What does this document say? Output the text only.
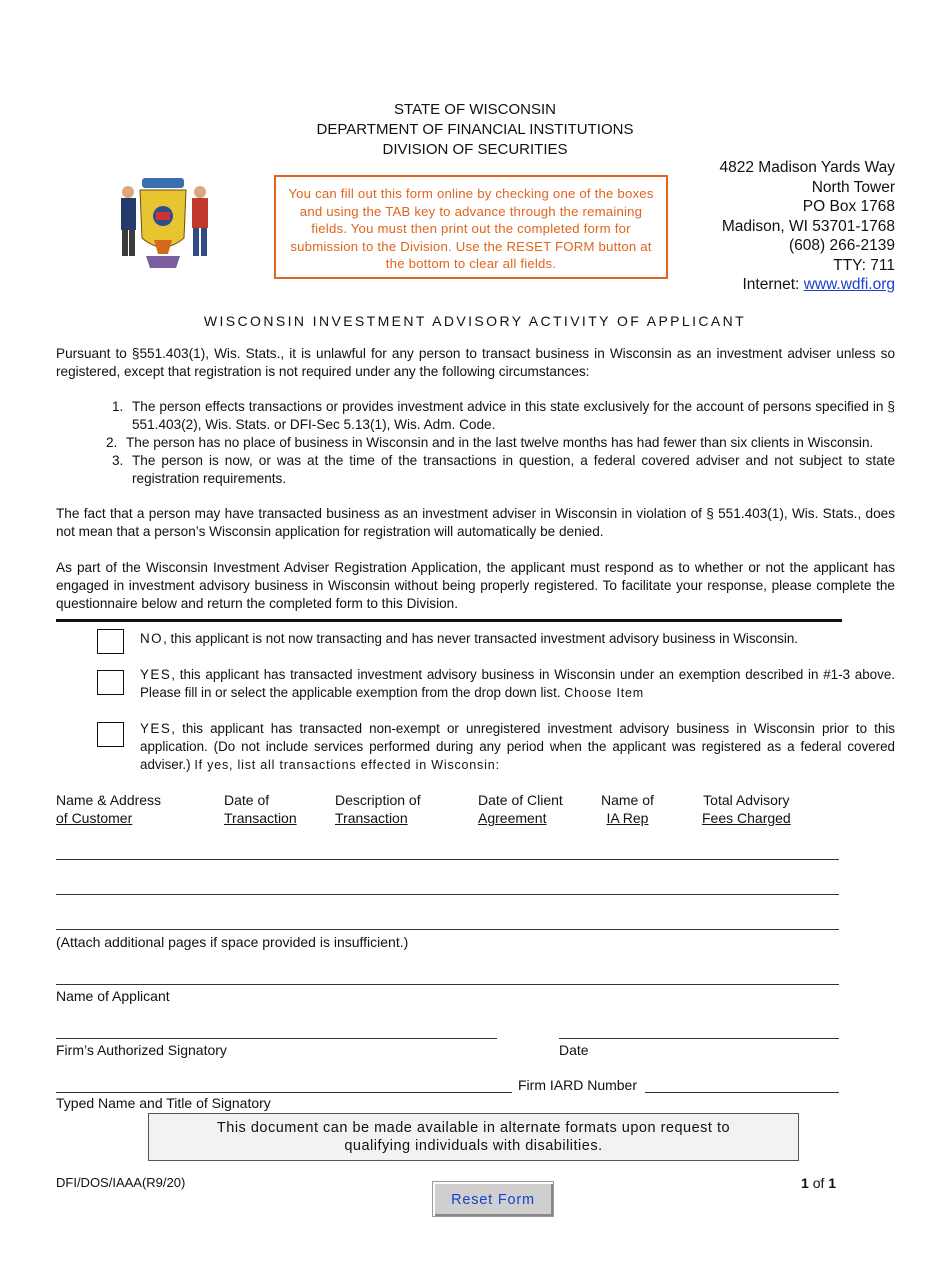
STATE OF WISCONSIN
DEPARTMENT OF FINANCIAL INSTITUTIONS
DIVISION OF SECURITIES
You can fill out this form online by checking one of the boxes and using the TAB key to advance through the remaining fields. You must then print out the completed form for submission to the Division. Use the RESET FORM button at the bottom to clear all fields.
4822 Madison Yards Way
North Tower
PO Box 1768
Madison, WI 53701-1768
(608) 266-2139
TTY: 711
Internet: www.wdfi.org
WISCONSIN INVESTMENT ADVISORY ACTIVITY OF APPLICANT
Pursuant to §551.403(1), Wis. Stats., it is unlawful for any person to transact business in Wisconsin as an investment adviser unless so registered, except that registration is not required under any the following circumstances:
1. The person effects transactions or provides investment advice in this state exclusively for the account of persons specified in § 551.403(2), Wis. Stats. or DFI-Sec 5.13(1), Wis. Adm. Code.
2. The person has no place of business in Wisconsin and in the last twelve months has had fewer than six clients in Wisconsin.
3. The person is now, or was at the time of the transactions in question, a federal covered adviser and not subject to state registration requirements.
The fact that a person may have transacted business as an investment adviser in Wisconsin in violation of § 551.403(1), Wis. Stats., does not mean that a person’s Wisconsin application for registration will automatically be denied.
As part of the Wisconsin Investment Adviser Registration Application, the applicant must respond as to whether or not the applicant has engaged in investment advisory business in Wisconsin without being properly registered. To facilitate your response, please complete the questionnaire below and return the completed form to this Division.
NO, this applicant is not now transacting and has never transacted investment advisory business in Wisconsin.
YES, this applicant has transacted investment advisory business in Wisconsin under an exemption described in #1-3 above. Please fill in or select the applicable exemption from the drop down list. Choose Item
YES, this applicant has transacted non-exempt or unregistered investment advisory business in Wisconsin prior to this application. (Do not include services performed during any period when the applicant was registered as a federal covered adviser.) If yes, list all transactions effected in Wisconsin:
Name & Address
of Customer
Date of
Transaction
Description of
Transaction
Date of Client
Agreement
Name of
IA Rep
Total Advisory
Fees Charged
(Attach additional pages if space provided is insufficient.)
Name of Applicant
Firm’s Authorized Signatory	Date
Firm IARD Number
Typed Name and Title of Signatory
This document can be made available in alternate formats upon request to
qualifying individuals with disabilities.
DFI/DOS/IAAA(R9/20)	1 of 1
Reset Form
